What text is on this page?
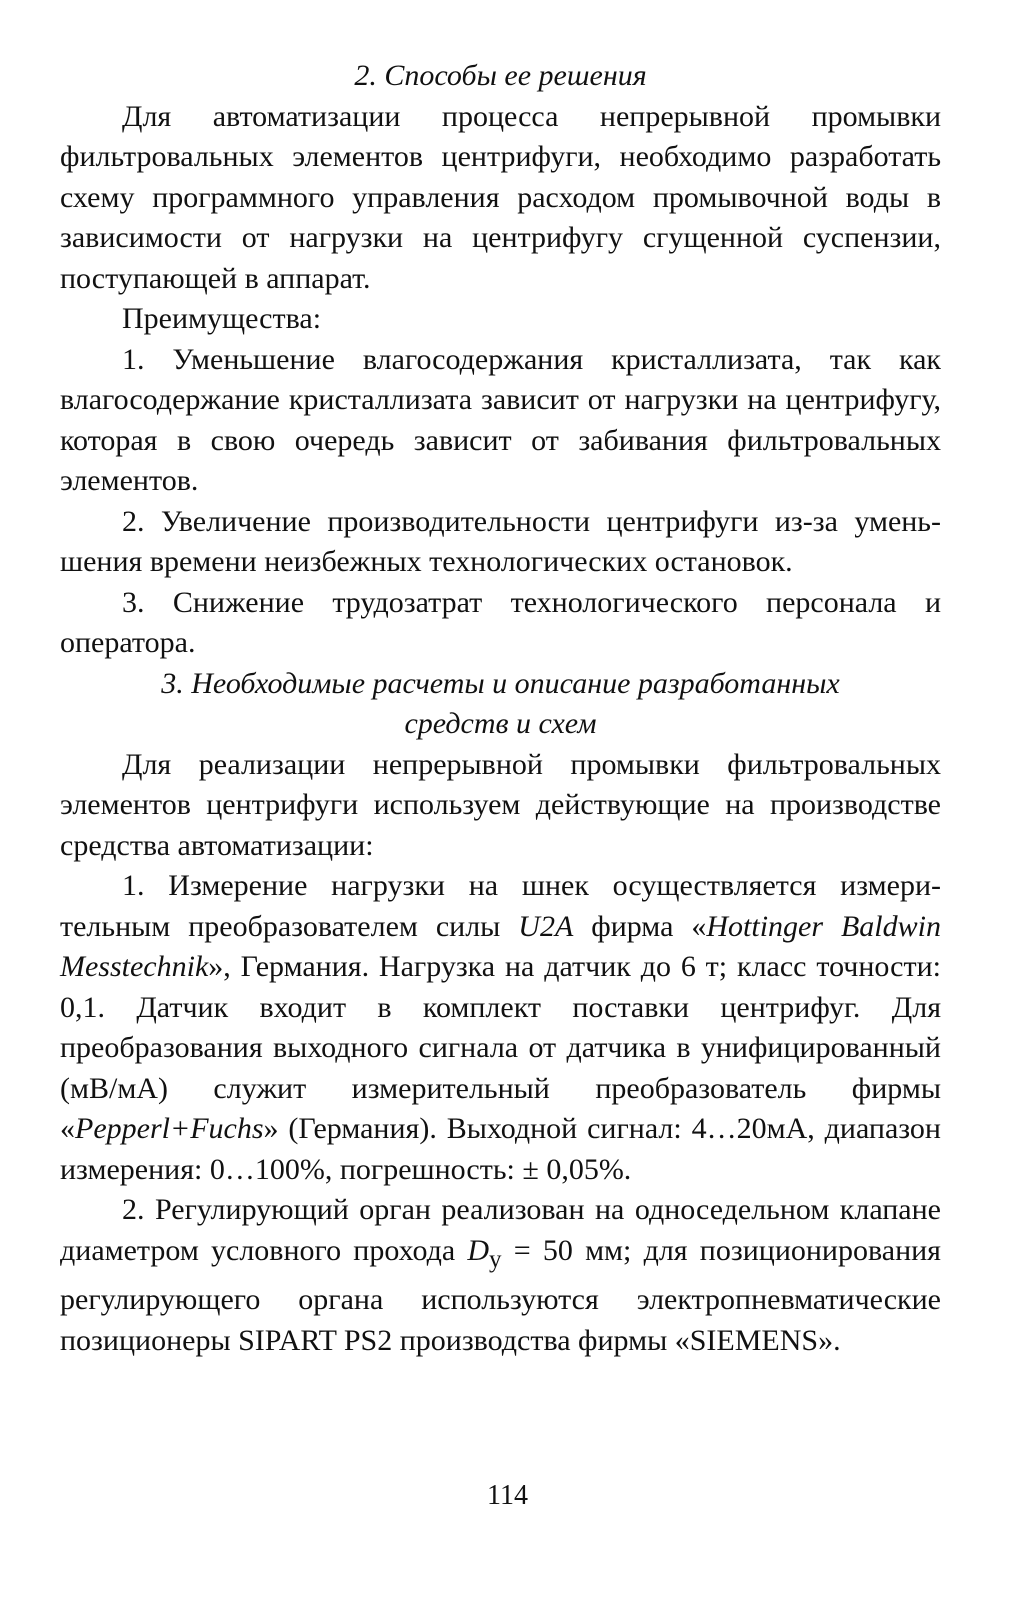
2. Способы ее решения

Для автоматизации процесса непрерывной промывки фильтровальных элементов центрифуги, необходимо разработать схему программного управления расходом промывочной воды в зависимости от нагрузки на центрифугу сгущенной суспензии, поступающей в аппарат.

Преимущества:

1. Уменьшение влагосодержания кристаллизата, так как влагосодержание кристаллизата зависит от нагрузки на центрифугу, которая в свою очередь зависит от забивания фильтровальных элементов.

2. Увеличение производительности центрифуги из-за уменьшения времени неизбежных технологических остановок.

3. Снижение трудозатрат технологического персонала и оператора.

3. Необходимые расчеты и описание разработанных
средств и схем

Для реализации непрерывной промывки фильтровальных элементов центрифуги используем действующие на производстве средства автоматизации:

1. Измерение нагрузки на шнек осуществляется измерительным преобразователем силы U2A фирма «Hottinger Baldwin Messtechnik», Германия. Нагрузка на датчик до 6 т; класс точности: 0,1. Датчик входит в комплект поставки центрифуг. Для преобразования выходного сигнала от датчика в унифицированный (мВ/мА) служит измерительный преобразователь фирмы «Pepperl+Fuchs» (Германия). Выходной сигнал: 4…20мА, диапазон измерения: 0…100%, погрешность: ± 0,05%.

2. Регулирующий орган реализован на односедельном клапане диаметром условного прохода $D_у = 50$ мм; для позиционирования регулирующего органа используются электропневматические позиционеры SIPART PS2 производства фирмы «SIEMENS».

114
